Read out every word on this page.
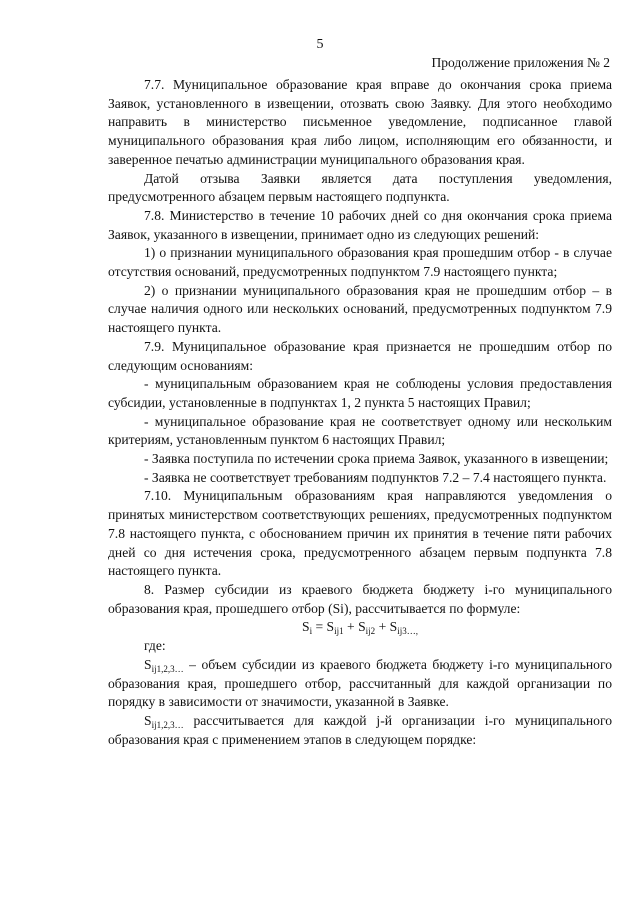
5
Продолжение приложения № 2

7.7. Муниципальное образование края вправе до окончания срока приема Заявок, установленного в извещении, отозвать свою Заявку. Для этого необходимо направить в министерство письменное уведомление, подписанное главой муниципального образования края либо лицом, исполняющим его обязанности, и заверенное печатью администрации муниципального образования края.

Датой отзыва Заявки является дата поступления уведомления, предусмотренного абзацем первым настоящего подпункта.

7.8. Министерство в течение 10 рабочих дней со дня окончания срока приема Заявок, указанного в извещении, принимает одно из следующих решений:

1) о признании муниципального образования края прошедшим отбор - в случае отсутствия оснований, предусмотренных подпунктом 7.9 настоящего пункта;

2) о признании муниципального образования края не прошедшим отбор – в случае наличия одного или нескольких оснований, предусмотренных подпунктом 7.9 настоящего пункта.

7.9. Муниципальное образование края признается не прошедшим отбор по следующим основаниям:

- муниципальным образованием края не соблюдены условия предоставления субсидии, установленные в подпунктах 1, 2 пункта 5 настоящих Правил;

- муниципальное образование края не соответствует одному или нескольким критериям, установленным пунктом 6 настоящих Правил;

- Заявка поступила по истечении срока приема Заявок, указанного в извещении;

- Заявка не соответствует требованиям подпунктов 7.2 – 7.4 настоящего пункта.

7.10. Муниципальным образованиям края направляются уведомления о принятых министерством соответствующих решениях, предусмотренных подпунктом 7.8 настоящего пункта, с обоснованием причин их принятия в течение пяти рабочих дней со дня истечения срока, предусмотренного абзацем первым подпункта 7.8 настоящего пункта.

8. Размер субсидии из краевого бюджета бюджету i-го муниципального образования края, прошедшего отбор (Si), рассчитывается по формуле:

$S_i = S_{ij1} + S_{ij2} + S_{ij3\dots,}$

где:

$S_{ij1,2,3\dots}$ – объем субсидии из краевого бюджета бюджету i-го муниципального образования края, прошедшего отбор, рассчитанный для каждой организации по порядку в зависимости от значимости, указанной в Заявке.

$S_{ij1,2,3\dots}$ рассчитывается для каждой j-й организации i-го муниципального образования края с применением этапов в следующем порядке:
